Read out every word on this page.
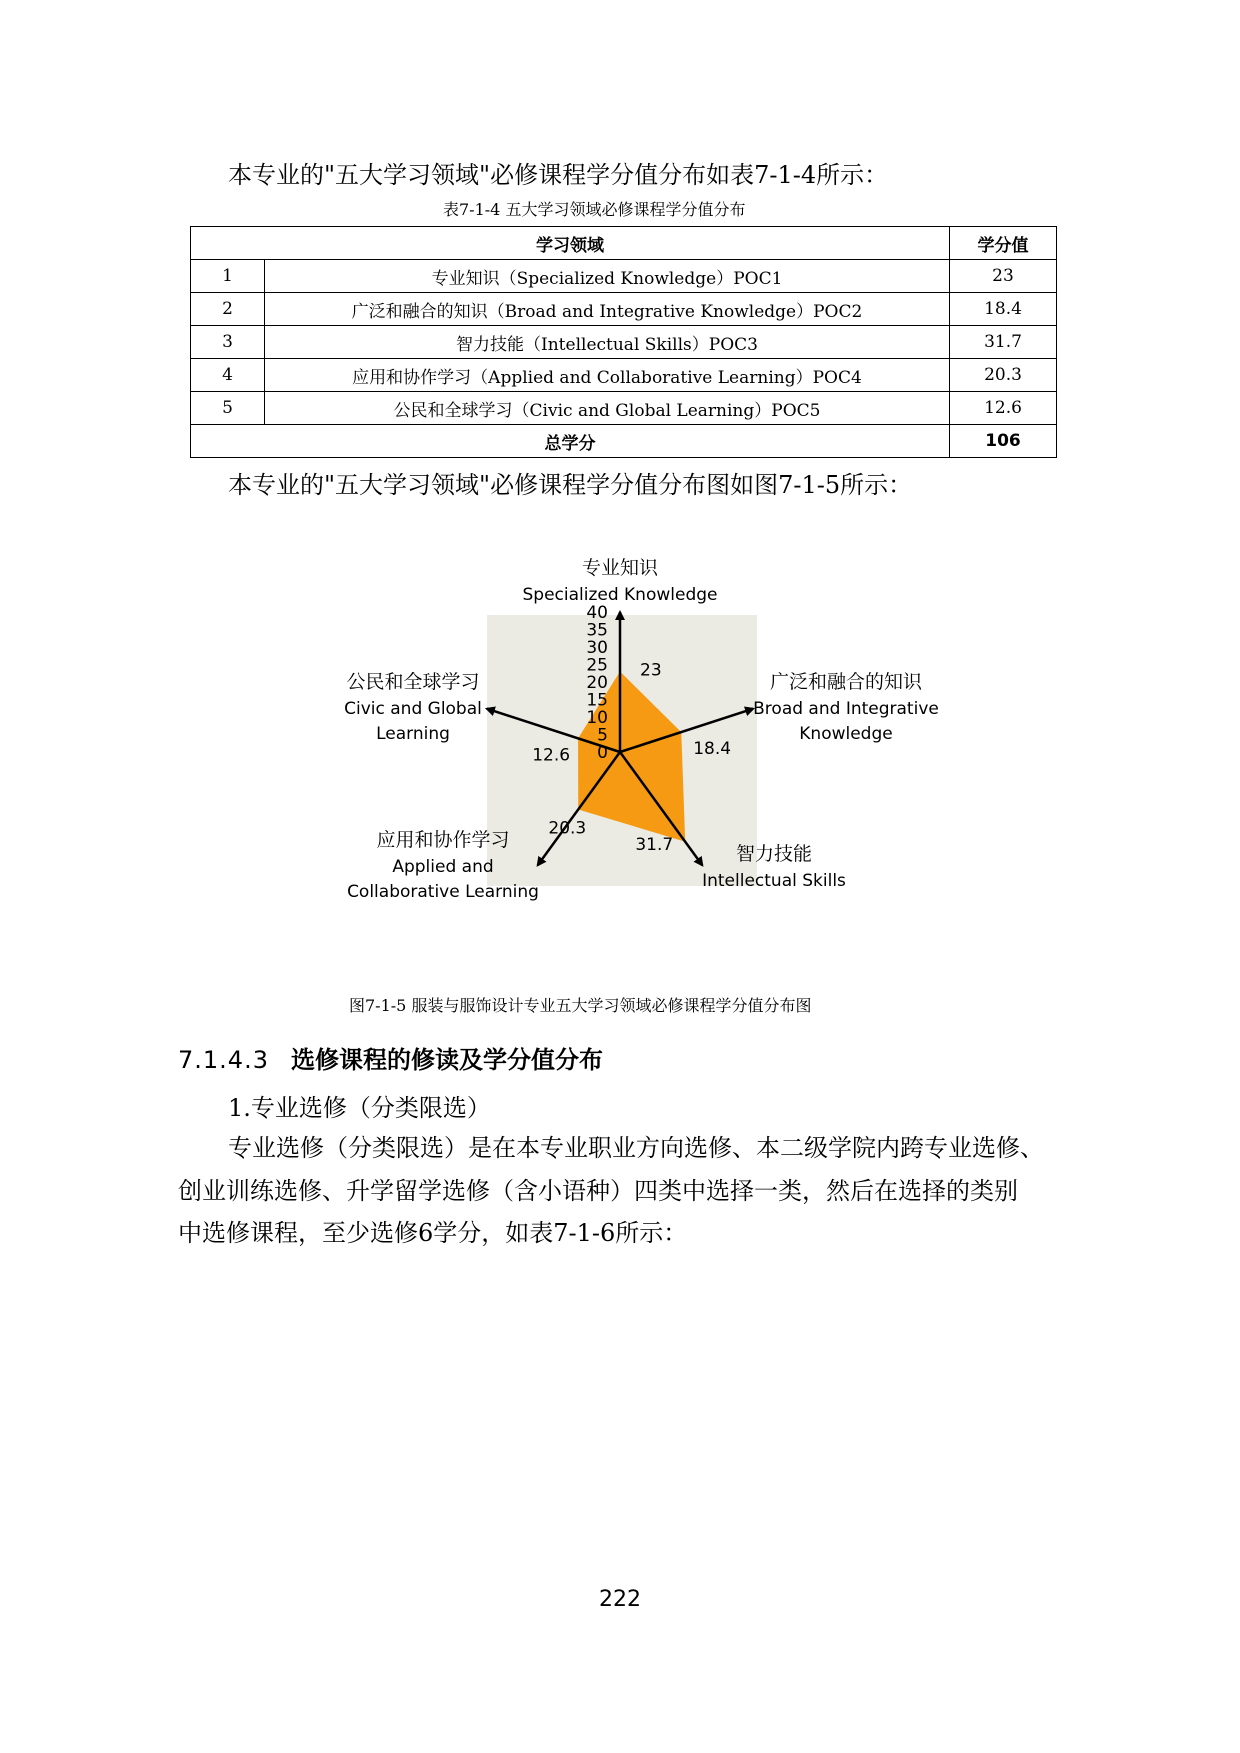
本专业的"五大学习领域"必修课程学分值分布如表7-1-4所示：
表7-1-4 五大学习领域必修课程学分值分布
学习领域		学分值
1	专业知识（Specialized Knowledge）POC1	23
2	广泛和融合的知识（Broad and Integrative Knowledge）POC2	18.4
3	智力技能（Intellectual Skills）POC3	31.7
4	应用和协作学习（Applied and Collaborative Learning）POC4	20.3
5	公民和全球学习（Civic and Global Learning）POC5	12.6
总学分		106
本专业的"五大学习领域"必修课程学分值分布图如图7-1-5所示：
0
5
10
15
20
25
30
35
40
23
18.4
31.7
20.3
12.6
专业知识
Specialized Knowledge
广泛和融合的知识
Broad and Integrative
Knowledge
智力技能
Intellectual Skills
应用和协作学习
Applied and
Collaborative Learning
公民和全球学习
Civic and Global
Learning
图7-1-5 服装与服饰设计专业五大学习领域必修课程学分值分布图
7.1.4.3 选修课程的修读及学分值分布
1.专业选修（分类限选）
专业选修（分类限选）是在本专业职业方向选修、本二级学院内跨专业选修、
创业训练选修、升学留学选修（含小语种）四类中选择一类，然后在选择的类别
中选修课程，至少选修6学分，如表7-1-6所示：
222
